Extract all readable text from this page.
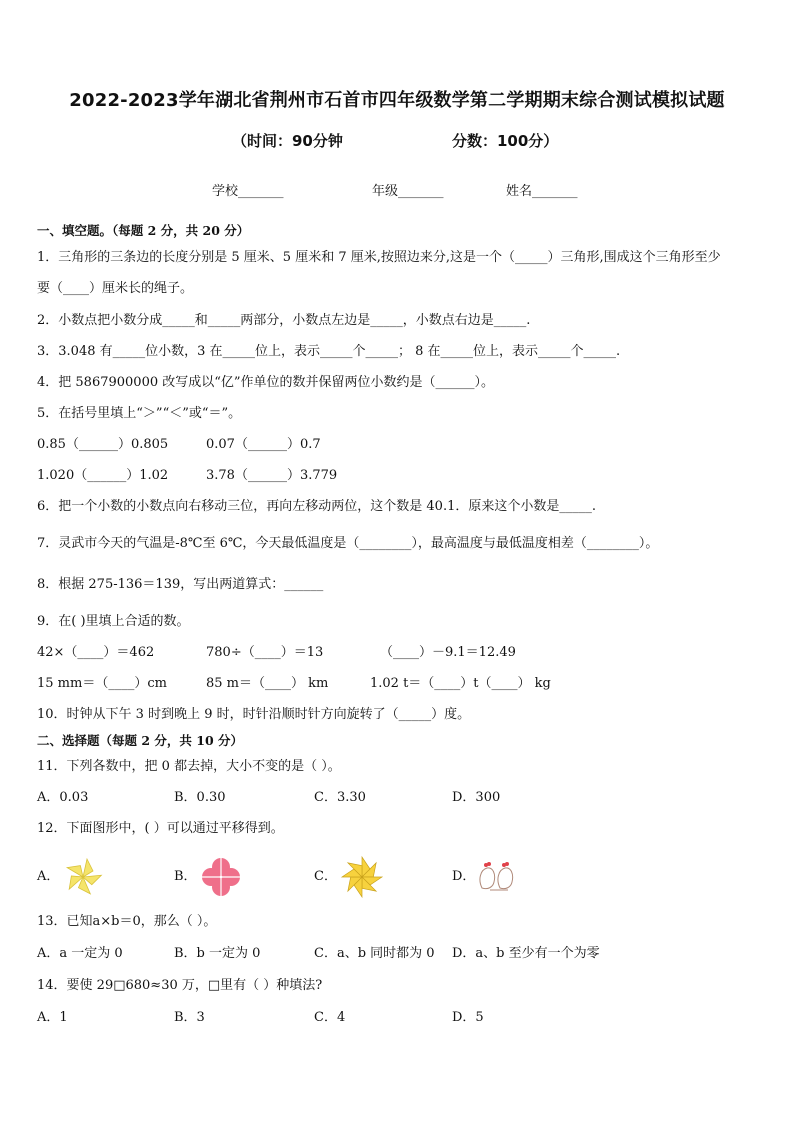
2022-2023学年湖北省荆州市石首市四年级数学第二学期期末综合测试模拟试题
（时间：90分钟	分数：100分）
学校_______	年级_______	姓名_______
一、填空题。（每题 2 分，共 20 分）
1．三角形的三条边的长度分别是 5 厘米、5 厘米和 7 厘米,按照边来分,这是一个（_____）三角形,围成这个三角形至少
要（____）厘米长的绳子。
2．小数点把小数分成_____和_____两部分，小数点左边是_____，小数点右边是_____.
3．3.048 有_____位小数，3 在_____位上，表示_____个_____； 8 在_____位上，表示_____个_____.
4．把 5867900000 改写成以“亿”作单位的数并保留两位小数约是（______）。
5．在括号里填上“＞”“＜”或“＝”。
0.85（______）0.805	0.07（______）0.7
1.020（______）1.02	3.78（______）3.779
6．把一个小数的小数点向右移动三位，再向左移动两位，这个数是 40.1．原来这个小数是_____.
7．灵武市今天的气温是-8℃至 6℃，今天最低温度是（________），最高温度与最低温度相差（________）。
8．根据 275-136＝139，写出两道算式：______
9．在( )里填上合适的数。
42×（____）＝462	780÷（____）＝13	（____）－9.1＝12.49
15 mm＝（____）cm	85 m＝（____） km	1.02 t＝（____）t（____） kg
10．时钟从下午 3 时到晚上 9 时，时针沿顺时针方向旋转了（_____）度。
二、选择题（每题 2 分，共 10 分）
11．下列各数中，把 0 都去掉，大小不变的是（ ）。
A．0.03	B．0.30	C．3.30	D．300
12．下面图形中，( ）可以通过平移得到。
A．	B．	C．	D．
13．已知a×b＝0，那么（ ）。
A．a 一定为 0	B．b 一定为 0	C．a、b 同时都为 0 D．a、b 至少有一个为零
14．要使 29□680≈30 万，□里有（ ）种填法?
A．1	B．3	C．4	D．5
